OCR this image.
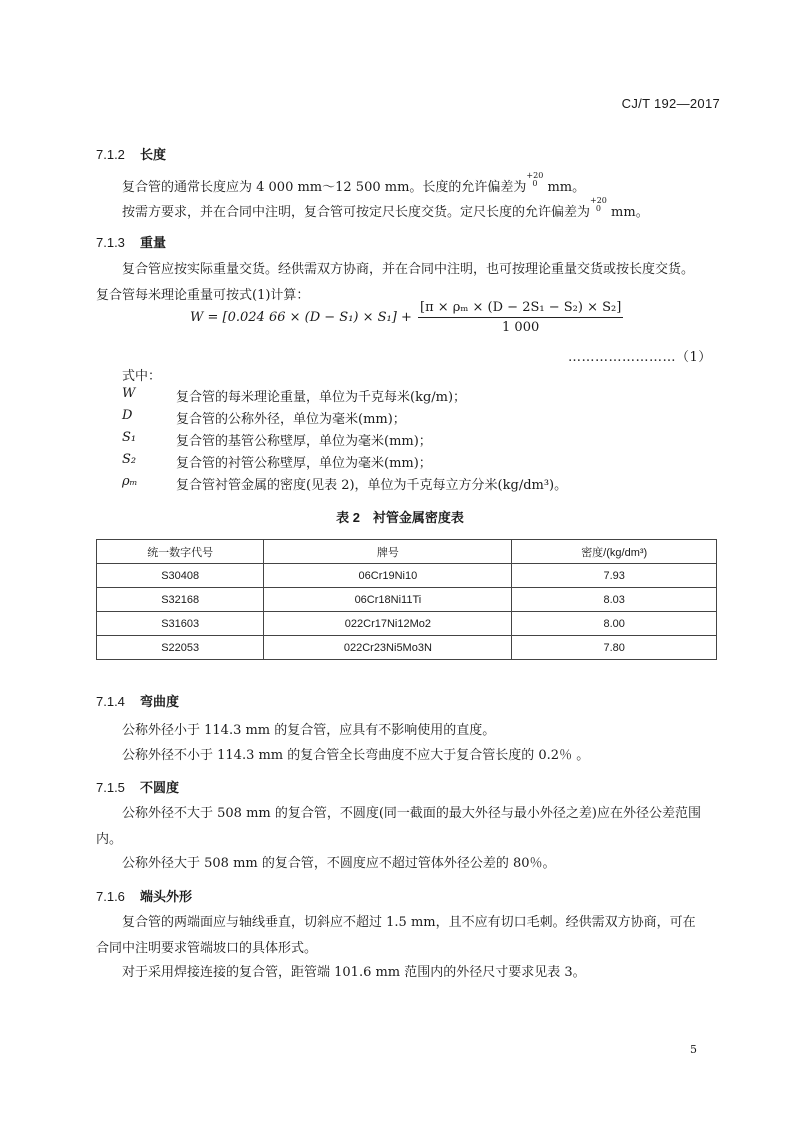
CJ/T 192—2017
7.1.2 长度
复合管的通常长度应为 4 000 mm～12 500 mm。长度的允许偏差为
$^{+20 0}$ mm。
按需方要求，并在合同中注明，复合管可按定尺长度交货。定尺长度的允许偏差为
$^{+20 0}$ mm。
7.1.3 重量
复合管应按实际重量交货。经供需双方协商，并在合同中注明，也可按理论重量交货或按长度交货。复合管每米理论重量可按式(1)计算：
W = [0.024 $66 \times (D - S_1) \times S_1] + \frac{\text{[π × ρₘ × (D − 2S₁ − S₂) × S₂]}}{1 000}$
……………………（1）
式中：
W	复合管的每米理论重量，单位为千克每米(kg/m)；
D	复合管的公称外径，单位为毫米(mm)；
S₁	复合管的基管公称壁厚，单位为毫米(mm)；
S₂	复合管的衬管公称壁厚，单位为毫米(mm)；
ρₘ	复合管衬管金属的密度(见表 2)，单位为千克每立方分米(kg/dm³)。
表 2　衬管金属密度表
统一数字代号	牌号	密度/(kg/dm³)
S30408	06Cr19Ni10	7.93
S32168	06Cr18Ni11Ti	8.03
S31603	022Cr17Ni12Mo2	8.00
S22053	022Cr23Ni5Mo3N	7.80
7.1.4 弯曲度
公称外径小于 114.3 mm 的复合管，应具有不影响使用的直度。
公称外径不小于 114.3 mm 的复合管全长弯曲度不应大于复合管长度的 0.2％ 。
7.1.5 不圆度
公称外径不大于 508 mm 的复合管，不圆度(同一截面的最大外径与最小外径之差)应在外径公差范围内。
公称外径大于 508 mm 的复合管，不圆度应不超过管体外径公差的 80％。
7.1.6 端头外形
复合管的两端面应与轴线垂直，切斜应不超过 1.5 mm，且不应有切口毛刺。经供需双方协商，可在合同中注明要求管端坡口的具体形式。
对于采用焊接连接的复合管，距管端 101.6 mm 范围内的外径尺寸要求见表 3。
5
